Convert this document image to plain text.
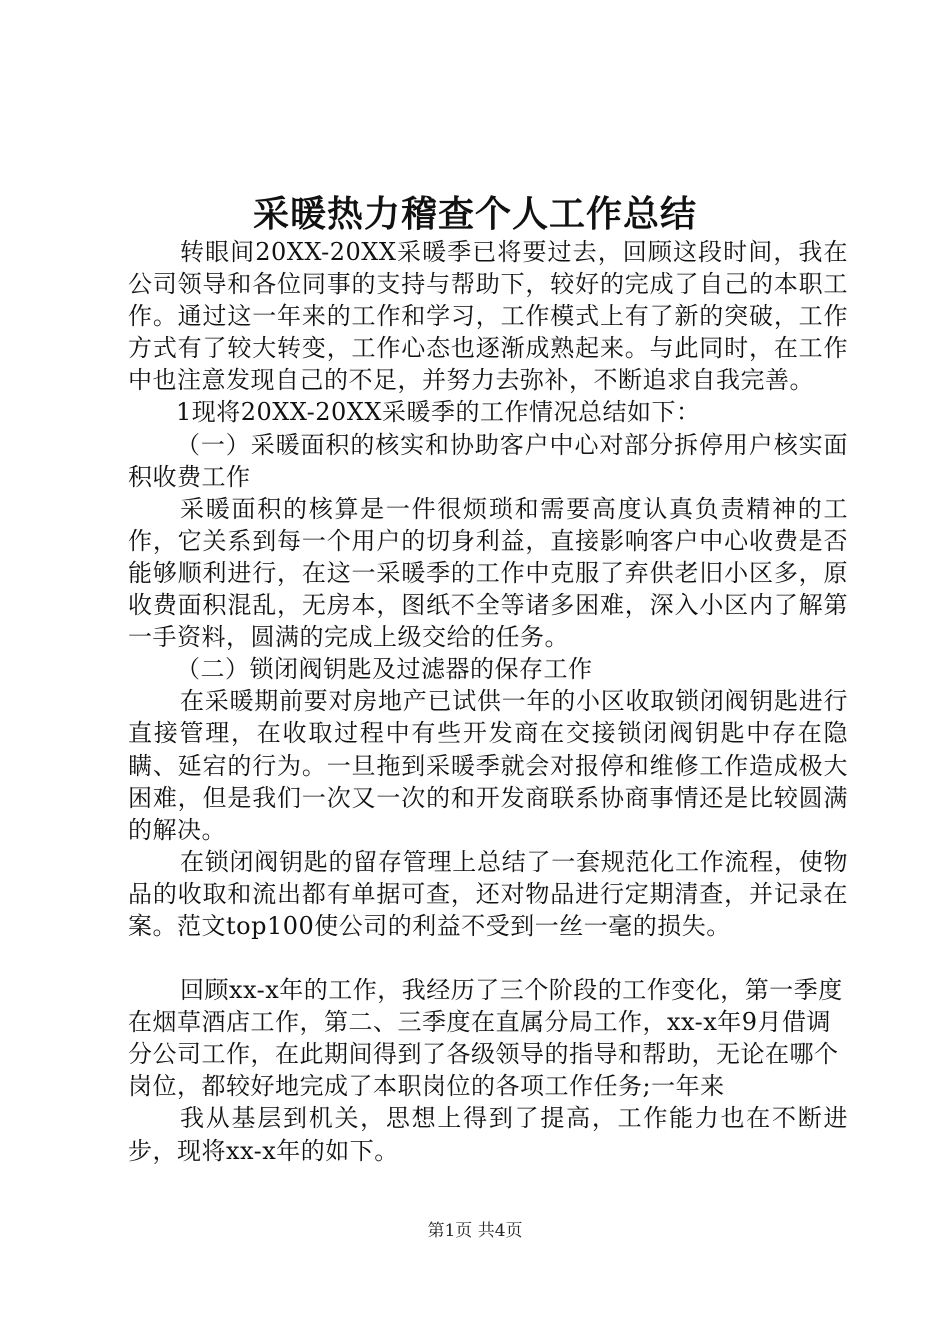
采暖热力稽查个人工作总结

转眼间20XX-20XX采暖季已将要过去，回顾这段时间，我在公司领导和各位同事的支持与帮助下，较好的完成了自己的本职工作。通过这一年来的工作和学习，工作模式上有了新的突破，工作方式有了较大转变，工作心态也逐渐成熟起来。与此同时，在工作中也注意发现自己的不足，并努力去弥补，不断追求自我完善。

1现将20XX-20XX采暖季的工作情况总结如下：

（一）采暖面积的核实和协助客户中心对部分拆停用户核实面积收费工作

采暖面积的核算是一件很烦琐和需要高度认真负责精神的工作，它关系到每一个用户的切身利益，直接影响客户中心收费是否能够顺利进行，在这一采暖季的工作中克服了弃供老旧小区多，原收费面积混乱，无房本，图纸不全等诸多困难，深入小区内了解第一手资料，圆满的完成上级交给的任务。

（二）锁闭阀钥匙及过滤器的保存工作

在采暖期前要对房地产已试供一年的小区收取锁闭阀钥匙进行直接管理，在收取过程中有些开发商在交接锁闭阀钥匙中存在隐瞒、延宕的行为。一旦拖到采暖季就会对报停和维修工作造成极大困难，但是我们一次又一次的和开发商联系协商事情还是比较圆满的解决。

在锁闭阀钥匙的留存管理上总结了一套规范化工作流程，使物品的收取和流出都有单据可查，还对物品进行定期清查，并记录在案。范文top100使公司的利益不受到一丝一毫的损失。

回顾xx-x年的工作，我经历了三个阶段的工作变化，第一季度在烟草酒店工作，第二、三季度在直属分局工作，xx-x年9月借调分公司工作，在此期间得到了各级领导的指导和帮助，无论在哪个岗位，都较好地完成了本职岗位的各项工作任务;一年来

我从基层到机关，思想上得到了提高，工作能力也在不断进步，现将xx-x年的如下。

第1页 共4页
